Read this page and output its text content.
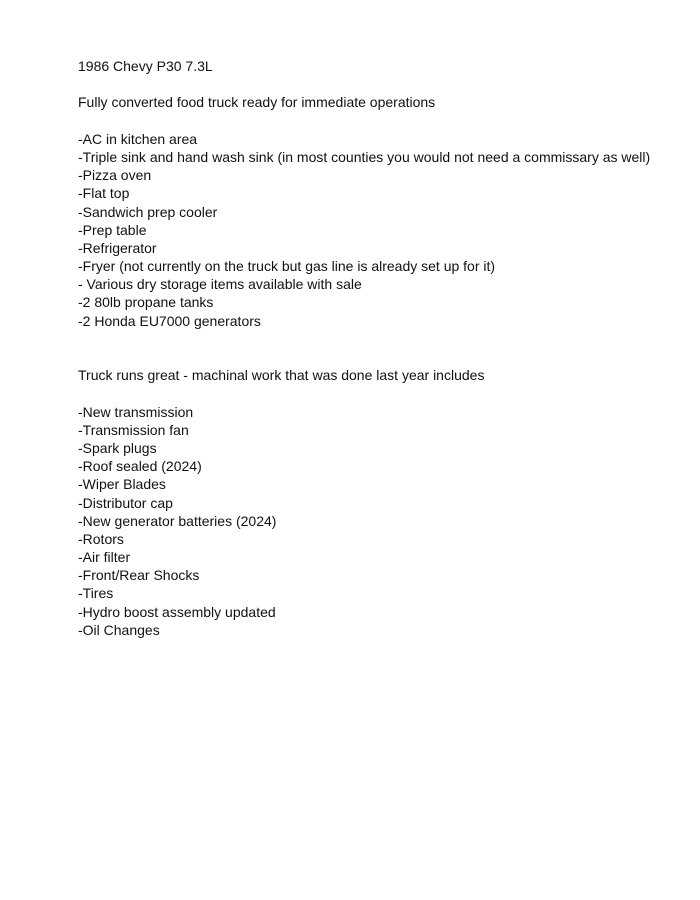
1986 Chevy P30 7.3L

Fully converted food truck ready for immediate operations

-AC in kitchen area
-Triple sink and hand wash sink (in most counties you would not need a commissary as well)
-Pizza oven
-Flat top
-Sandwich prep cooler
-Prep table
-Refrigerator
-Fryer (not currently on the truck but gas line is already set up for it)
- Various dry storage items available with sale
-2 80lb propane tanks
-2 Honda EU7000 generators

Truck runs great - machinal work that was done last year includes

-New transmission
-Transmission fan
-Spark plugs
-Roof sealed (2024)
-Wiper Blades
-Distributor cap
-New generator batteries (2024)
-Rotors
-Air filter
-Front/Rear Shocks
-Tires
-Hydro boost assembly updated
-Oil Changes
